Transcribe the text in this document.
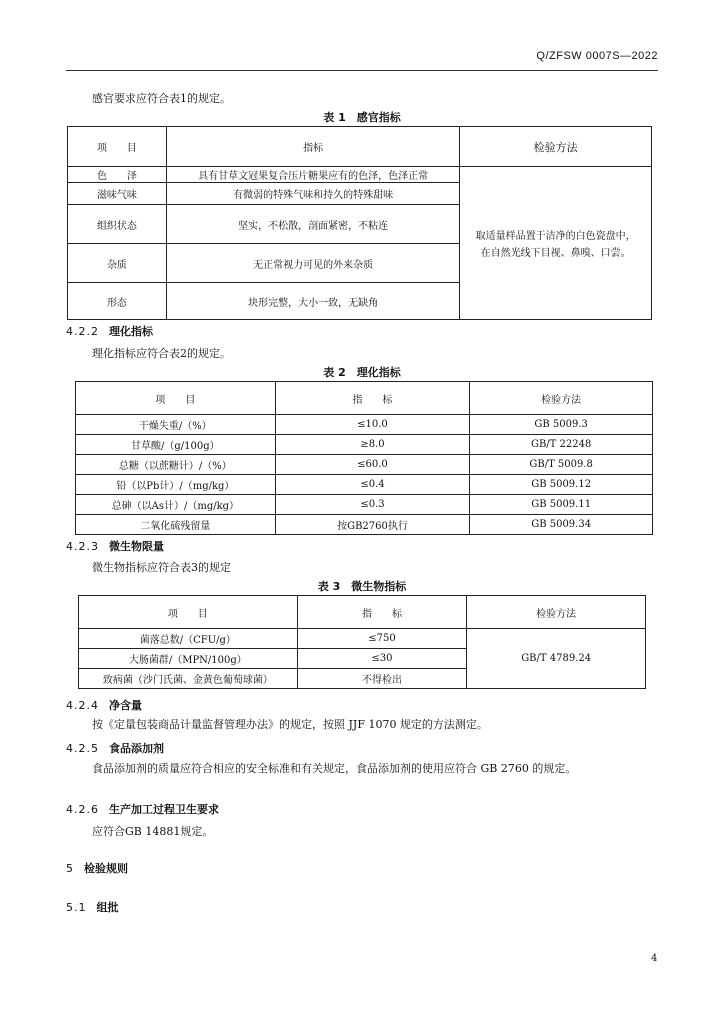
Q/ZFSW 0007S—2022
感官要求应符合表1的规定。
表 1　感官指标
项　　目	指标	检验方法
色　　泽	具有甘草文冠果复合压片糖果应有的色泽，色泽正常	取适量样品置于洁净的白色瓷盘中，
在自然光线下目视、鼻嗅、口尝。

滋味气味	有微弱的特殊气味和持久的特殊甜味	
组织状态	坚实，不松散，剖面紧密，不粘连	
杂质	无正常视力可见的外来杂质	
形态	块形完整，大小一致，无缺角	
4.2.2 理化指标
理化指标应符合表2的规定。
表 2　理化指标
项　　目	指　　标	检验方法
干燥失重/（%）	≤10.0	GB 5009.3
甘草酸/（g/100g）	≥8.0	GB/T 22248
总糖（以蔗糖计）/（%）	≤60.0	GB/T 5009.8
铅（以Pb计）/（mg/kg）	≤0.4	GB 5009.12
总砷（以As计）/（mg/kg）	≤0.3	GB 5009.11
二氧化硫残留量	按GB2760执行	GB 5009.34
4.2.3 微生物限量
微生物指标应符合表3的规定
表 3　微生物指标
项　　目	指　　标	检验方法
菌落总数/（CFU/g）	≤750	GB/T 4789.24
大肠菌群/（MPN/100g）	≤30	
致病菌（沙门氏菌、金黄色葡萄球菌）	不得检出	
4.2.4 净含量
按《定量包装商品计量监督管理办法》的规定，按照 JJF 1070 规定的方法测定。
4.2.5 食品添加剂
食品添加剂的质量应符合相应的安全标准和有关规定，食品添加剂的使用应符合 GB 2760 的规定。
4.2.6 生产加工过程卫生要求
应符合GB 14881规定。
5 检验规则
5.1 组批
4
